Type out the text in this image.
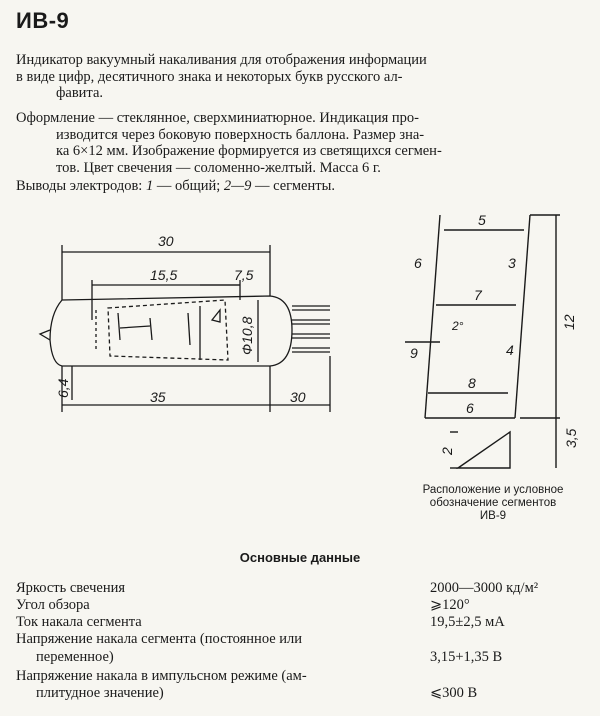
ИВ-9
Индикатор вакуумный накаливания для отображения информации
в виде цифр, десятичного знака и некоторых букв русского ал-
фавита.
Оформление — стеклянное, сверхминиатюрное. Индикация про-
изводится через боковую поверхность баллона. Размер зна-
ка 6×12 мм. Изображение формируется из светящихся сегмен-
тов. Цвет свечения — соломенно-желтый. Масса 6 г.
Выводы электродов: 1 — общий; 2—9 — сегменты.
30
15,5	7,5
Ф10,8
6,4	35	30
5
6	3
7
2°
9	4
8
12
6
2
3,5
Расположение и условное
обозначение сегментов
ИВ-9
Основные данные
Яркость свечения	2000—3000 кд/м²
Угол обзора	⩾120°
Ток накала сегмента	19,5±2,5 мА
Напряжение накала сегмента (постоянное или
переменное)	3,15+1,35 В
Напряжение накала в импульсном режиме (ам-
плитудное значение)	⩽300 В
